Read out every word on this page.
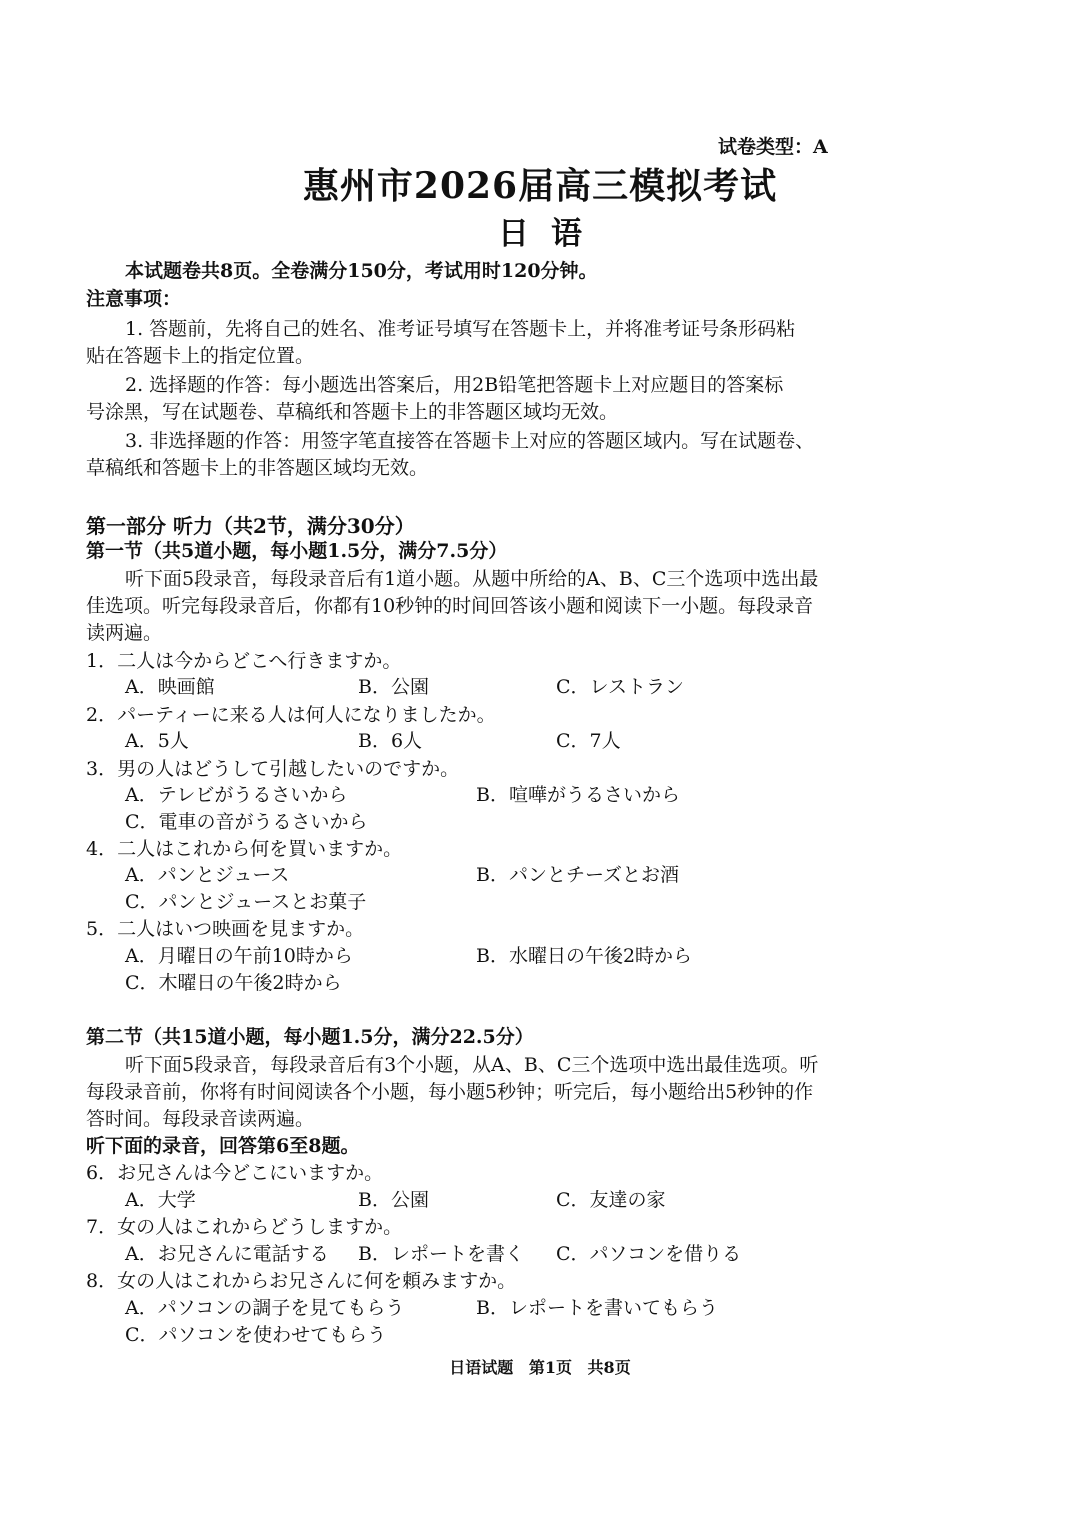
试卷类型：A
惠州市2026届高三模拟考试
日语
本试题卷共8页。全卷满分150分，考试用时120分钟。
注意事项：
1. 答题前，先将自己的姓名、准考证号填写在答题卡上，并将准考证号条形码粘
贴在答题卡上的指定位置。
2. 选择题的作答：每小题选出答案后，用2B铅笔把答题卡上对应题目的答案标
号涂黑，写在试题卷、草稿纸和答题卡上的非答题区域均无效。
3. 非选择题的作答：用签字笔直接答在答题卡上对应的答题区域内。写在试题卷、
草稿纸和答题卡上的非答题区域均无效。
第一部分 听力（共2节，满分30分）
第一节（共5道小题，每小题1.5分，满分7.5分）
听下面5段录音，每段录音后有1道小题。从题中所给的A、B、C三个选项中选出最
佳选项。听完每段录音后，你都有10秒钟的时间回答该小题和阅读下一小题。每段录音
读两遍。
1．二人は今からどこへ行きますか。
A．映画館	B．公園	C．レストラン
2．パーティーに来る人は何人になりましたか。
A．5人	B．6人	C．7人
3．男の人はどうして引越したいのですか。
A．テレビがうるさいから	B．喧嘩がうるさいから
C．電車の音がうるさいから
4．二人はこれから何を買いますか。
A．パンとジュース	B．パンとチーズとお酒
C．パンとジュースとお菓子
5．二人はいつ映画を見ますか。
A．月曜日の午前10時から	B．水曜日の午後2時から
C．木曜日の午後2時から
第二节（共15道小题，每小题1.5分，满分22.5分）
听下面5段录音，每段录音后有3个小题，从A、B、C三个选项中选出最佳选项。听
每段录音前，你将有时间阅读各个小题，每小题5秒钟；听完后，每小题给出5秒钟的作
答时间。每段录音读两遍。
听下面的录音，回答第6至8题。
6．お兄さんは今どこにいますか。
A．大学	B．公園	C．友達の家
7．女の人はこれからどうしますか。
A．お兄さんに電話する B．レポートを書く C．パソコンを借りる
8．女の人はこれからお兄さんに何を頼みますか。
A．パソコンの調子を見てもらう	B．レポートを書いてもらう
C．パソコンを使わせてもらう
日语试题 第1页 共8页
